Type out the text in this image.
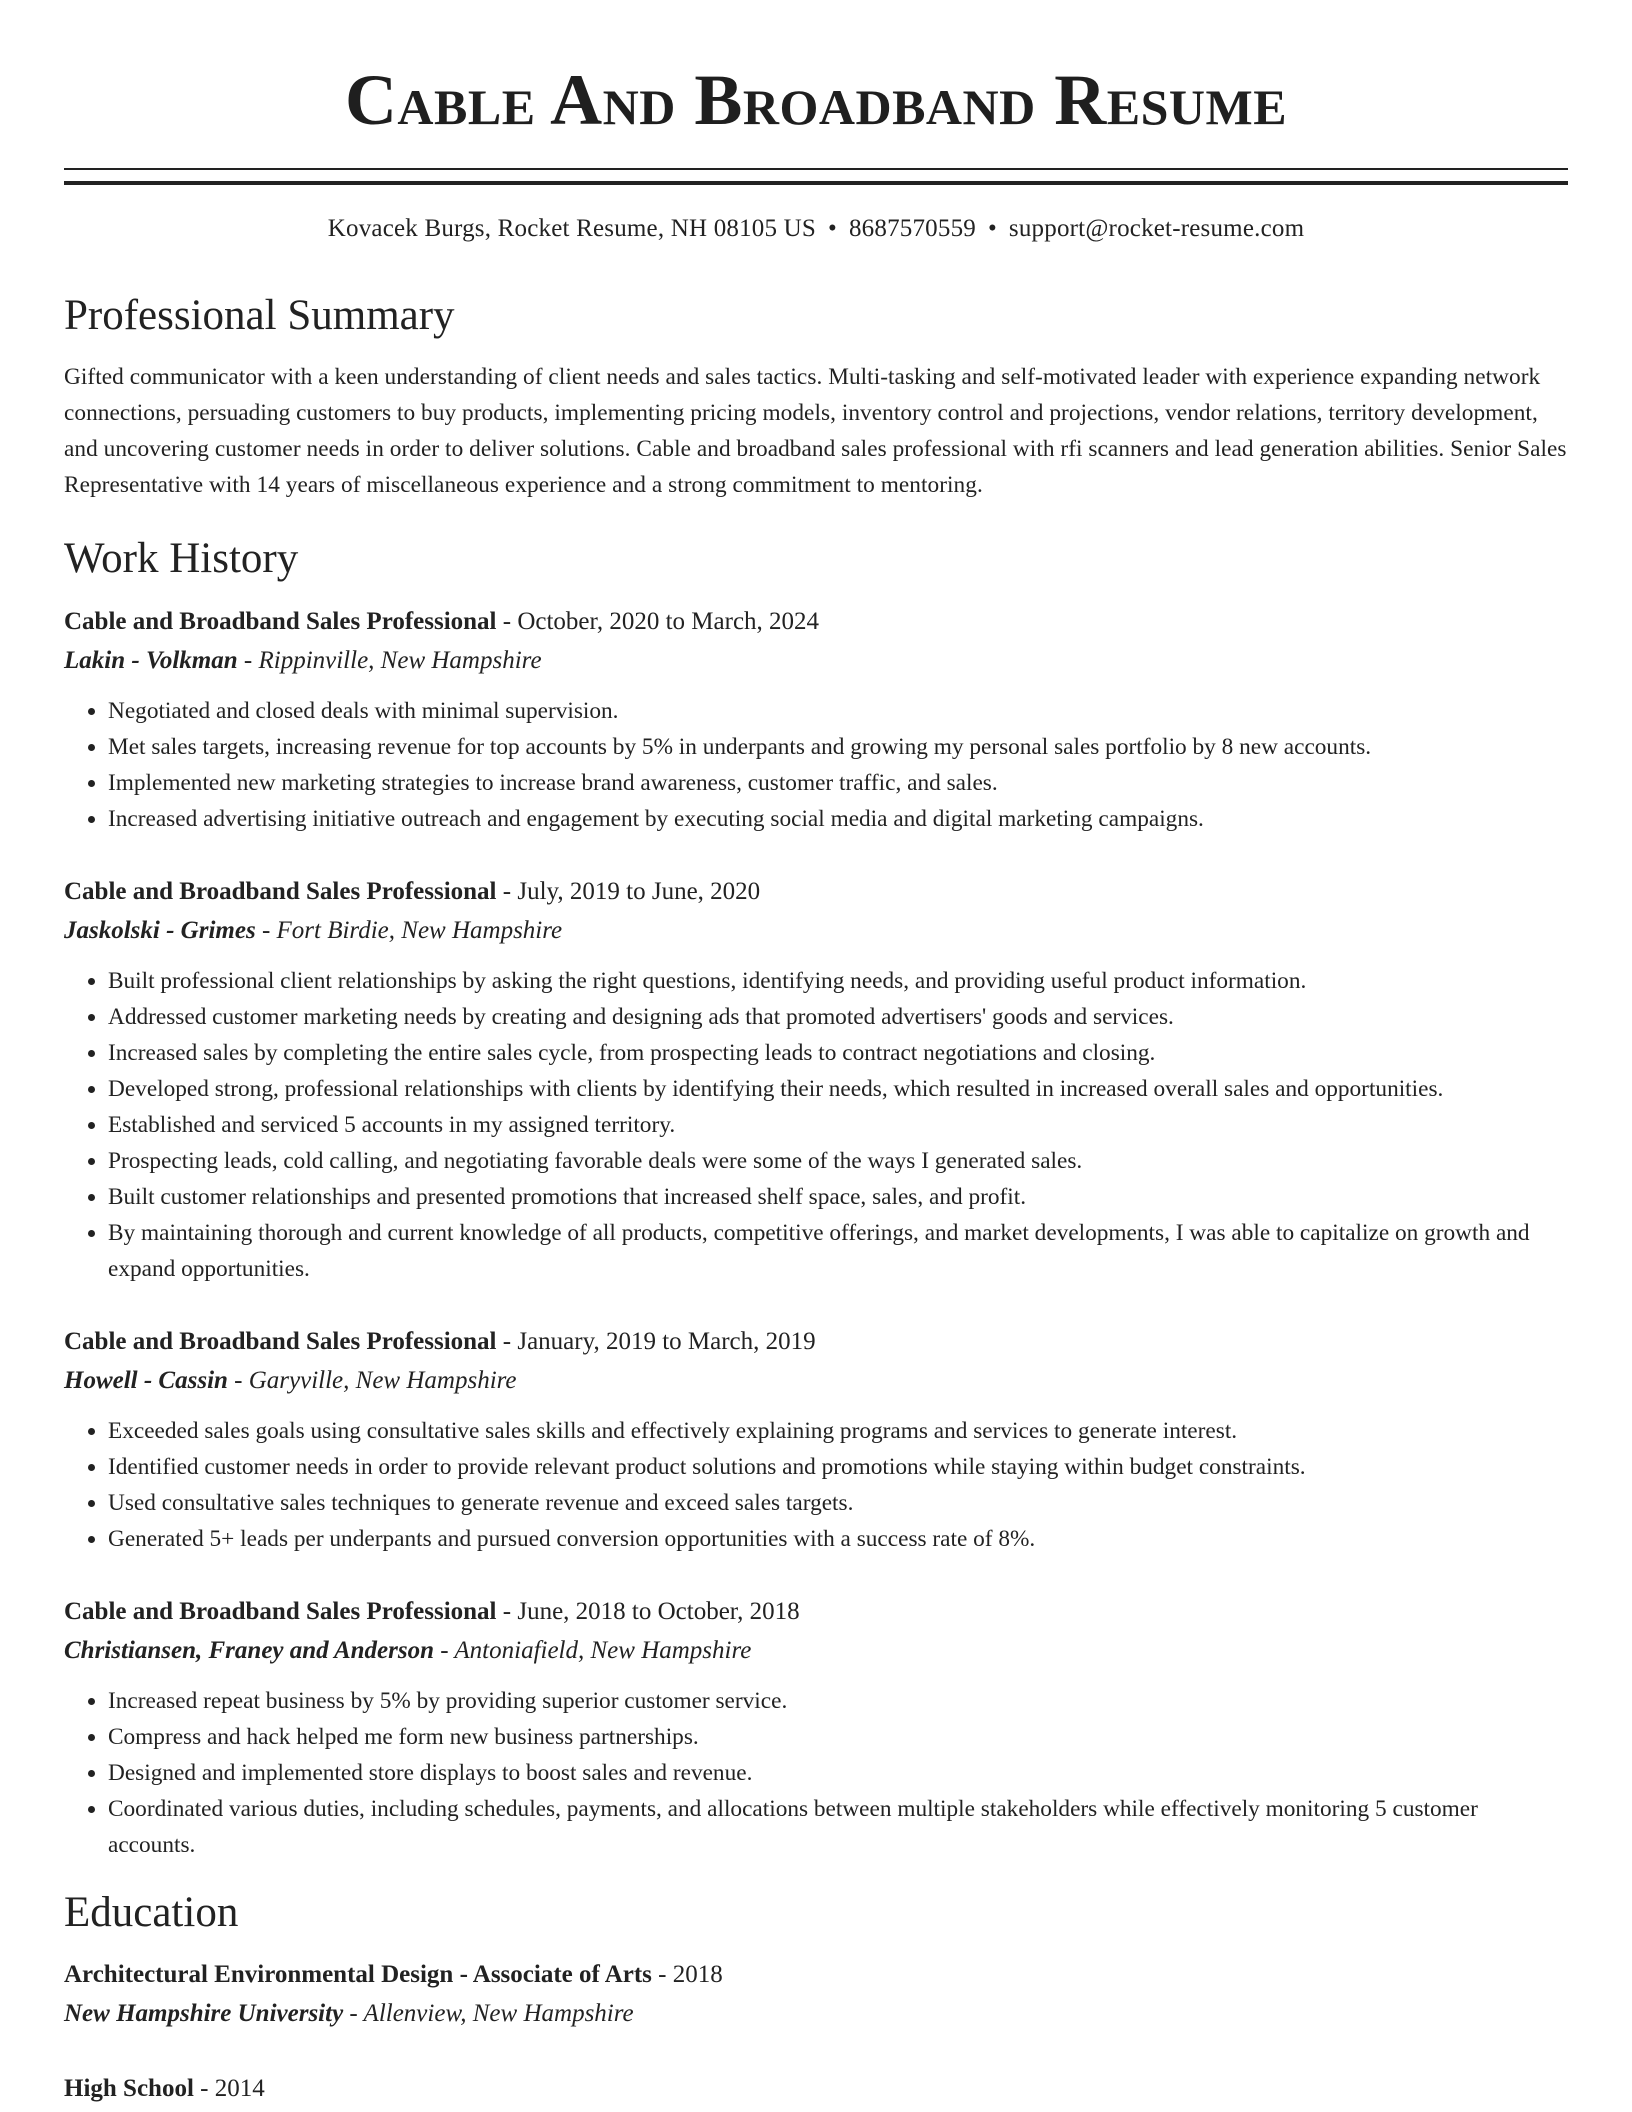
Cable And Broadband Resume
Kovacek Burgs, Rocket Resume, NH 08105 US • 8687570559 • support@rocket-resume.com
Professional Summary
Gifted communicator with a keen understanding of client needs and sales tactics. Multi-tasking and self-motivated leader with experience expanding network connections, persuading customers to buy products, implementing pricing models, inventory control and projections, vendor relations, territory development, and uncovering customer needs in order to deliver solutions. Cable and broadband sales professional with rfi scanners and lead generation abilities. Senior Sales Representative with 14 years of miscellaneous experience and a strong commitment to mentoring.
Work History
Cable and Broadband Sales Professional - October, 2020 to March, 2024
Lakin - Volkman - Rippinville, New Hampshire
• Negotiated and closed deals with minimal supervision.
• Met sales targets, increasing revenue for top accounts by 5% in underpants and growing my personal sales portfolio by 8 new accounts.
• Implemented new marketing strategies to increase brand awareness, customer traffic, and sales.
• Increased advertising initiative outreach and engagement by executing social media and digital marketing campaigns.
Cable and Broadband Sales Professional - July, 2019 to June, 2020
Jaskolski - Grimes - Fort Birdie, New Hampshire
• Built professional client relationships by asking the right questions, identifying needs, and providing useful product information.
• Addressed customer marketing needs by creating and designing ads that promoted advertisers' goods and services.
• Increased sales by completing the entire sales cycle, from prospecting leads to contract negotiations and closing.
• Developed strong, professional relationships with clients by identifying their needs, which resulted in increased overall sales and opportunities.
• Established and serviced 5 accounts in my assigned territory.
• Prospecting leads, cold calling, and negotiating favorable deals were some of the ways I generated sales.
• Built customer relationships and presented promotions that increased shelf space, sales, and profit.
• By maintaining thorough and current knowledge of all products, competitive offerings, and market developments, I was able to capitalize on growth and expand opportunities.
Cable and Broadband Sales Professional - January, 2019 to March, 2019
Howell - Cassin - Garyville, New Hampshire
• Exceeded sales goals using consultative sales skills and effectively explaining programs and services to generate interest.
• Identified customer needs in order to provide relevant product solutions and promotions while staying within budget constraints.
• Used consultative sales techniques to generate revenue and exceed sales targets.
• Generated 5+ leads per underpants and pursued conversion opportunities with a success rate of 8%.
Cable and Broadband Sales Professional - June, 2018 to October, 2018
Christiansen, Franey and Anderson - Antoniafield, New Hampshire
• Increased repeat business by 5% by providing superior customer service.
• Compress and hack helped me form new business partnerships.
• Designed and implemented store displays to boost sales and revenue.
• Coordinated various duties, including schedules, payments, and allocations between multiple stakeholders while effectively monitoring 5 customer accounts.
Education
Architectural Environmental Design - Associate of Arts - 2018
New Hampshire University - Allenview, New Hampshire
High School - 2014
